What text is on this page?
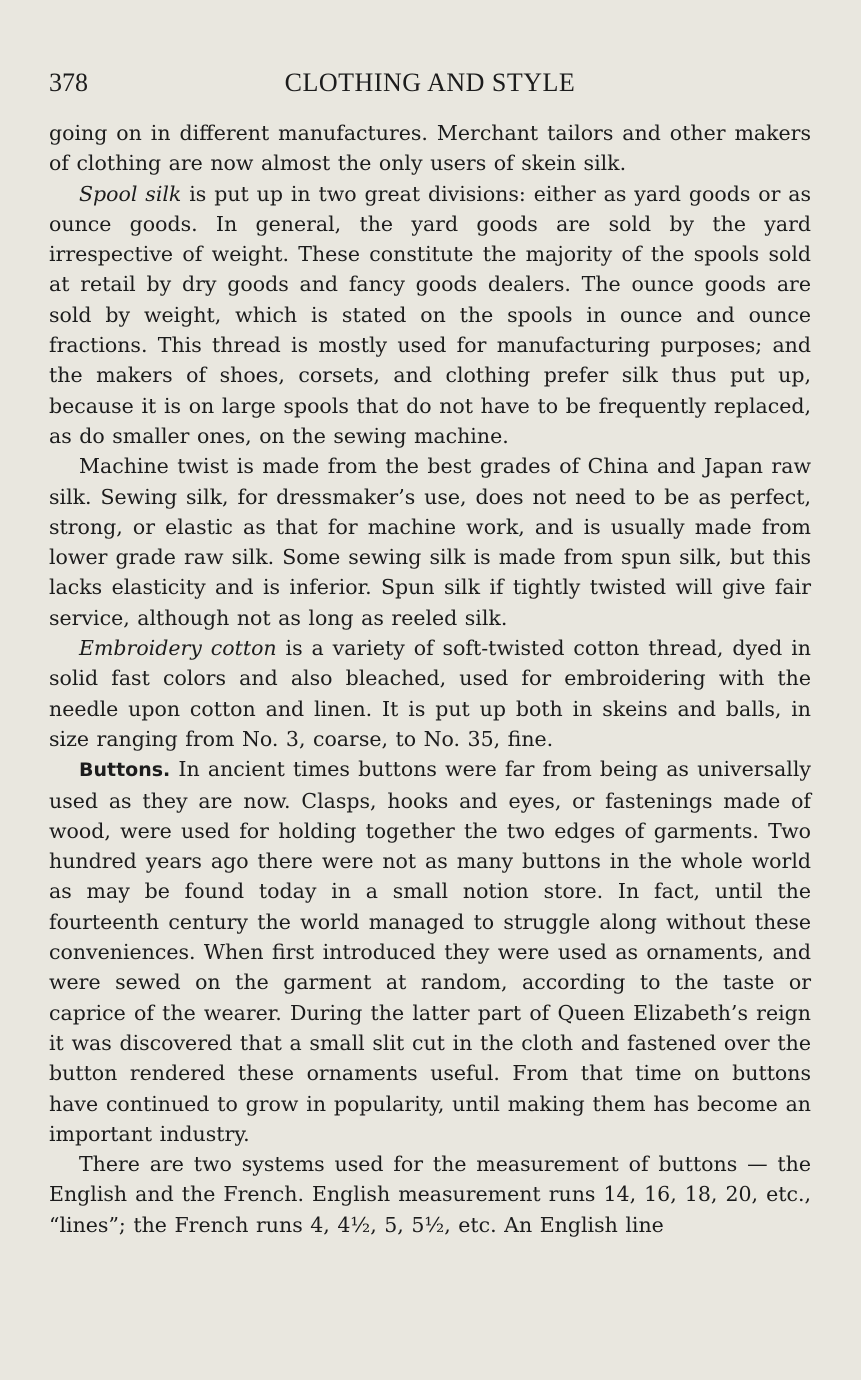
378	CLOTHING AND STYLE

going on in different manufactures. Merchant tailors and other makers of clothing are now almost the only users of skein silk.

Spool silk is put up in two great divisions: either as yard goods or as ounce goods. In general, the yard goods are sold by the yard irrespective of weight. These constitute the majority of the spools sold at retail by dry goods and fancy goods dealers. The ounce goods are sold by weight, which is stated on the spools in ounce and ounce fractions. This thread is mostly used for manufacturing purposes; and the makers of shoes, corsets, and clothing prefer silk thus put up, because it is on large spools that do not have to be frequently replaced, as do smaller ones, on the sewing machine.

Machine twist is made from the best grades of China and Japan raw silk. Sewing silk, for dressmaker’s use, does not need to be as perfect, strong, or elastic as that for machine work, and is usually made from lower grade raw silk. Some sewing silk is made from spun silk, but this lacks elasticity and is inferior. Spun silk if tightly twisted will give fair service, although not as long as reeled silk.

Embroidery cotton is a variety of soft-twisted cotton thread, dyed in solid fast colors and also bleached, used for embroidering with the needle upon cotton and linen. It is put up both in skeins and balls, in size ranging from No. 3, coarse, to No. 35, fine.

Buttons. In ancient times buttons were far from being as universally used as they are now. Clasps, hooks and eyes, or fastenings made of wood, were used for holding together the two edges of garments. Two hundred years ago there were not as many buttons in the whole world as may be found today in a small notion store. In fact, until the fourteenth century the world managed to struggle along without these conveniences. When first introduced they were used as ornaments, and were sewed on the garment at random, according to the taste or caprice of the wearer. During the latter part of Queen Elizabeth’s reign it was discovered that a small slit cut in the cloth and fastened over the button rendered these ornaments useful. From that time on buttons have continued to grow in popularity, until making them has become an important industry.

There are two systems used for the measurement of buttons — the English and the French. English measurement runs 14, 16, 18, 20, etc., “lines”; the French runs 4, 4½, 5, 5½, etc. An English line
